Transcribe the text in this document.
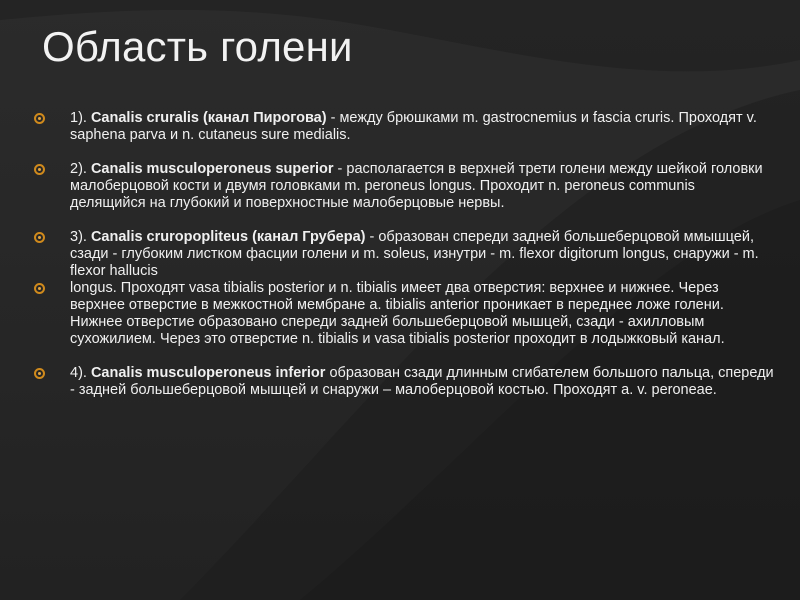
Область голени
1). Canalis cruralis (канал Пирогова) - между брюшками m. gastrocnemius и fascia cruris. Проходят v. saphena parva и n. cutaneus sure medialis.
2). Canalis musculoperoneus superior - располагается в верхней трети голени между шейкой головки малоберцовой кости и двумя головками m. peroneus longus. Проходит n. peroneus communis делящийся на глубокий и поверхностные малоберцовые нервы.
3). Canalis cruropopliteus (канал Грубера) - образован спереди задней большеберцовой ммышцей, сзади - глубоким листком фасции голени и m. soleus, изнутри - m. flexor digitorum longus, снаружи - m. flexor hallucis
longus. Проходят vasa tibialis posterior и n. tibialis имеет два отверстия: верхнее и нижнее. Через верхнее отверстие в межкостной мембране a. tibialis anterior проникает в переднее ложе голени. Нижнее отверстие образовано спереди задней большеберцовой мышцей, сзади - ахилловым сухожилием. Через это отверстие n. tibialis и vasa tibialis posterior проходит в лодыжковый канал.
4). Canalis musculoperoneus inferior образован сзади длинным сгибателем большого пальца, спереди - задней большеберцовой мышцей и снаружи – малоберцовой костью. Проходят a. v. peroneae.
